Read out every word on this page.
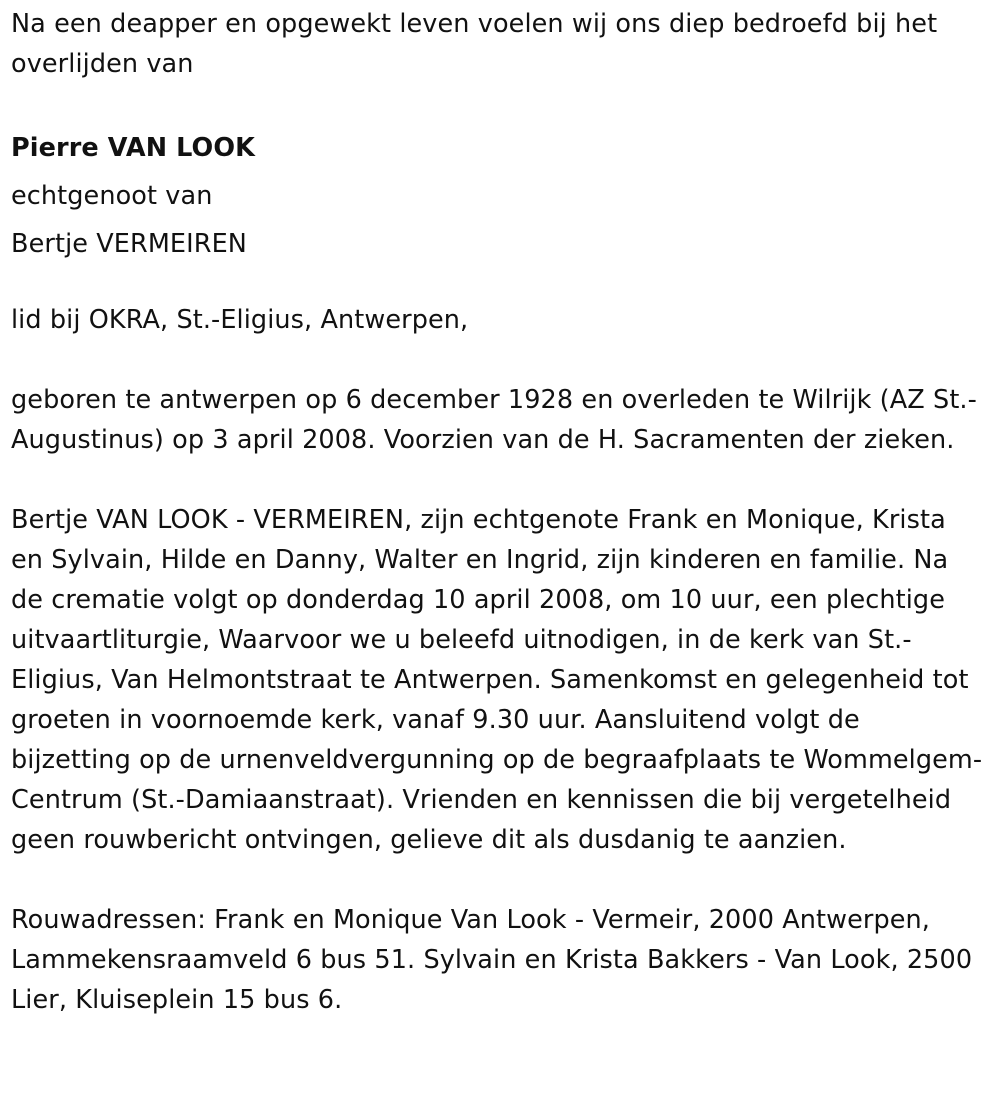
Na een deapper en opgewekt leven voelen wij ons diep bedroefd bij het overlijden van

Pierre VAN LOOK

echtgenoot van

Bertje VERMEIREN

lid bij OKRA, St.-Eligius, Antwerpen,

geboren te antwerpen op 6 december 1928 en overleden te Wilrijk (AZ St.-Augustinus) op 3 april 2008. Voorzien van de H. Sacramenten der zieken.

Bertje VAN LOOK - VERMEIREN, zijn echtgenote Frank en Monique, Krista en Sylvain, Hilde en Danny, Walter en Ingrid, zijn kinderen en familie. Na de crematie volgt op donderdag 10 april 2008, om 10 uur, een plechtige uitvaartliturgie, Waarvoor we u beleefd uitnodigen, in de kerk van St.-Eligius, Van Helmontstraat te Antwerpen. Samenkomst en gelegenheid tot groeten in voornoemde kerk, vanaf 9.30 uur. Aansluitend volgt de bijzetting op de urnenveldvergunning op de begraafplaats te Wommelgem-Centrum (St.-Damiaanstraat). Vrienden en kennissen die bij vergetelheid geen rouwbericht ontvingen, gelieve dit als dusdanig te aanzien.

Rouwadressen: Frank en Monique Van Look - Vermeir, 2000 Antwerpen, Lammekensraamveld 6 bus 51. Sylvain en Krista Bakkers - Van Look, 2500 Lier, Kluiseplein 15 bus 6.
